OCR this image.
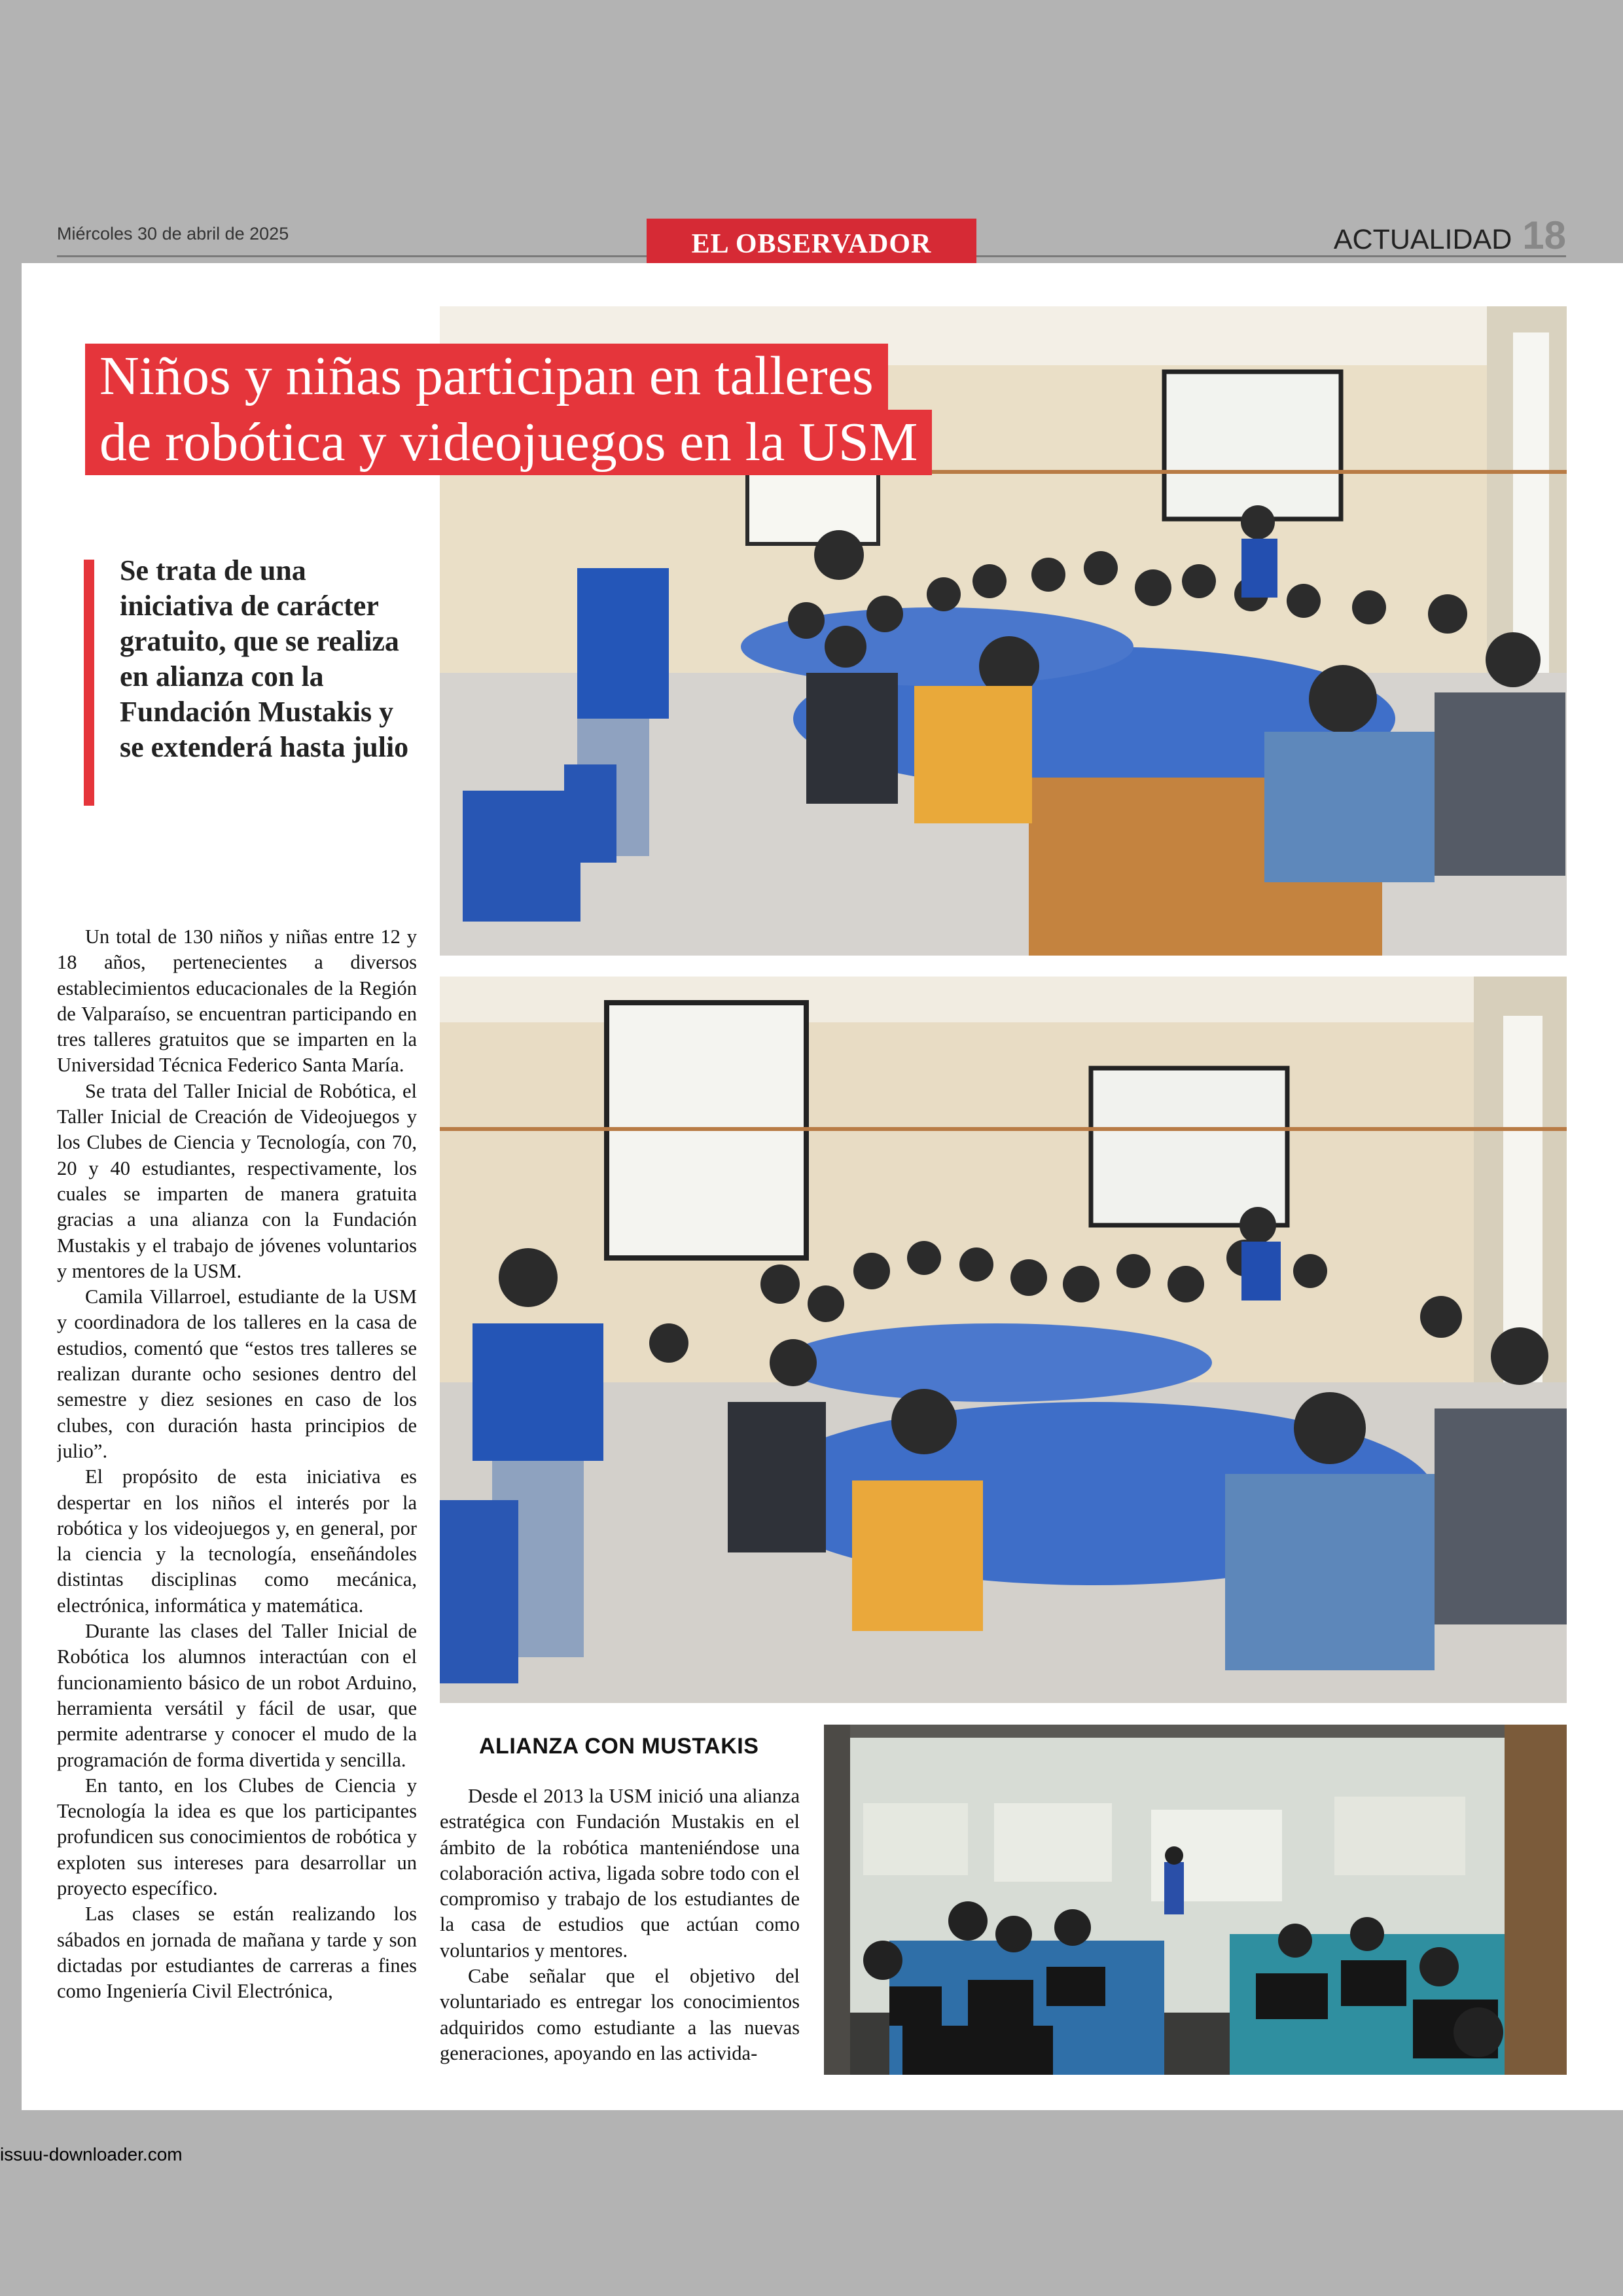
Miércoles 30 de abril de 2025	EL OBSERVADOR	ACTUALIDAD 18
Niños y niñas participan en talleres
de robótica y videojuegos en la USM
Se trata de una iniciativa de carácter gratuito, que se realiza en alianza con la Fundación Mustakis y se extenderá hasta julio

Un total de 130 niños y niñas entre 12 y 18 años, pertenecientes a diversos establecimientos educacionales de la Región de Valparaíso, se encuentran participando en tres talleres gratuitos que se imparten en la Universidad Técnica Federico Santa María.

Se trata del Taller Inicial de Robótica, el Taller Inicial de Creación de Videojuegos y los Clubes de Ciencia y Tecnología, con 70, 20 y 40 estudiantes, respectivamente, los cuales se imparten de manera gratuita gracias a una alianza con la Fundación Mustakis y el trabajo de jóvenes voluntarios y mentores de la USM.

Camila Villarroel, estudiante de la USM y coordinadora de los talleres en la casa de estudios, comentó que “estos tres talleres se realizan durante ocho sesiones dentro del semestre y diez sesiones en caso de los clubes, con duración hasta principios de julio”.

El propósito de esta iniciativa es despertar en los niños el interés por la robótica y los videojuegos y, en general, por la ciencia y la tecnología, enseñándoles distintas disciplinas como mecánica, electrónica, informática y matemática.

Durante las clases del Taller Inicial de Robótica los alumnos interactúan con el funcionamiento básico de un robot Arduino, herramienta versátil y fácil de usar, que permite adentrarse y conocer el mudo de la programación de forma divertida y sencilla.

En tanto, en los Clubes de Ciencia y Tecnología la idea es que los participantes profundicen sus conocimientos de robótica y exploten sus intereses para desarrollar un proyecto específico.

Las clases se están realizando los sábados en jornada de mañana y tarde y son dictadas por estudiantes de carreras a fines como Ingeniería Civil Electrónica,

ALIANZA CON MUSTAKIS

Desde el 2013 la USM inició una alianza estratégica con Fundación Mustakis en el ámbito de la robótica manteniéndose una colaboración activa, ligada sobre todo con el compromiso y trabajo de los estudiantes de la casa de estudios que actúan como voluntarios y mentores.

Cabe señalar que el objetivo del voluntariado es entregar los conocimientos adquiridos como estudiante a las nuevas generaciones, apoyando en las activida-

issuu-downloader.com
